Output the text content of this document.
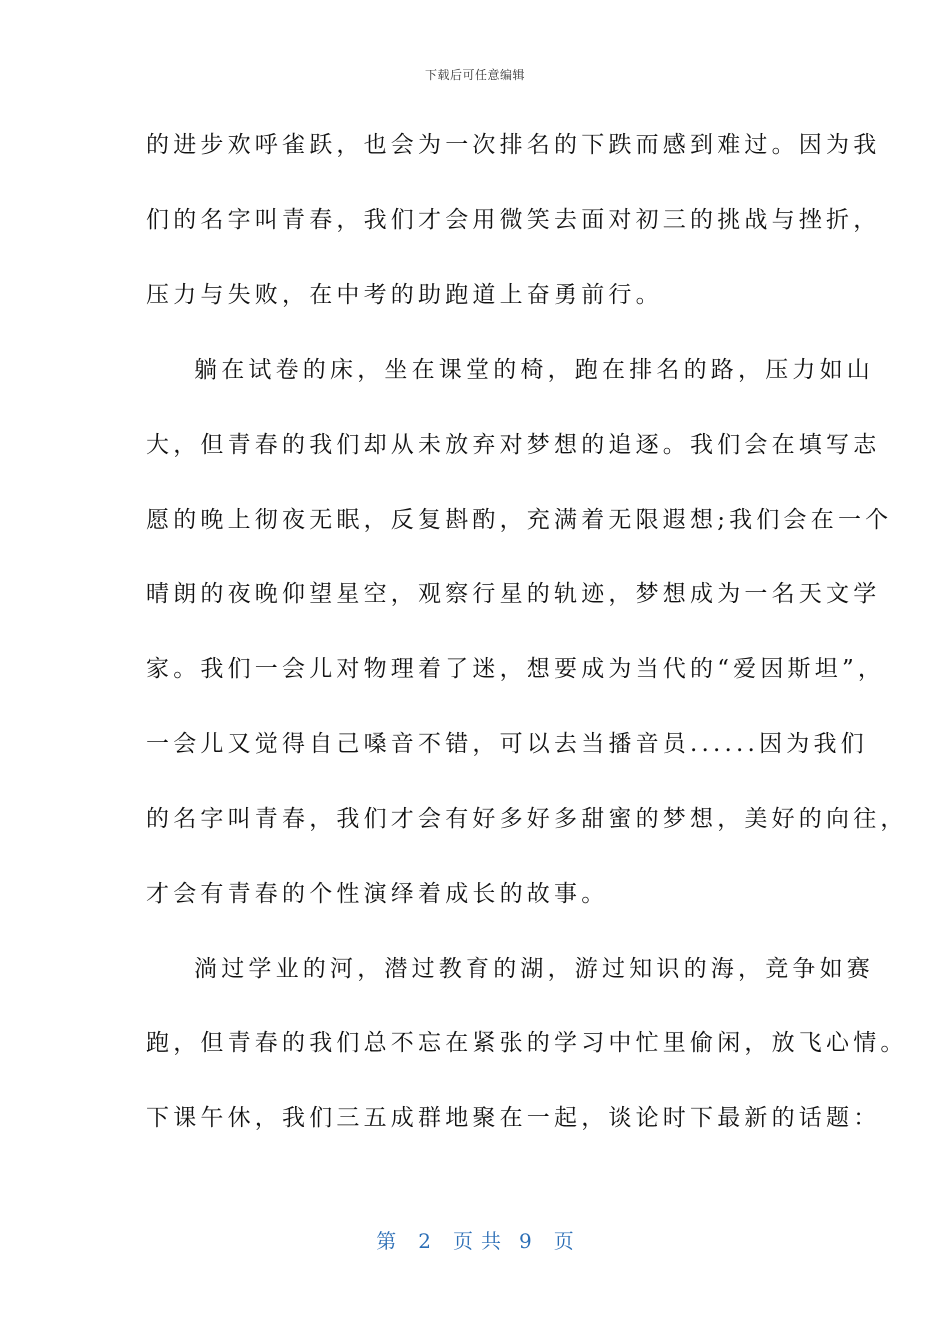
下载后可任意编辑
的进步欢呼雀跃，也会为一次排名的下跌而感到难过。因为我
们的名字叫青春，我们才会用微笑去面对初三的挑战与挫折，
压力与失败，在中考的助跑道上奋勇前行。
躺在试卷的床，坐在课堂的椅，跑在排名的路，压力如山
大，但青春的我们却从未放弃对梦想的追逐。我们会在填写志
愿的晚上彻夜无眠，反复斟酌，充满着无限遐想;我们会在一个
晴朗的夜晚仰望星空，观察行星的轨迹，梦想成为一名天文学
家。我们一会儿对物理着了迷，想要成为当代的“爱因斯坦”，
一会儿又觉得自己嗓音不错，可以去当播音员......因为我们
的名字叫青春，我们才会有好多好多甜蜜的梦想，美好的向往，
才会有青春的个性演绎着成长的故事。
淌过学业的河，潜过教育的湖，游过知识的海，竞争如赛
跑，但青春的我们总不忘在紧张的学习中忙里偷闲，放飞心情。
下课午休，我们三五成群地聚在一起，谈论时下最新的话题：
第 2 页共 9 页
